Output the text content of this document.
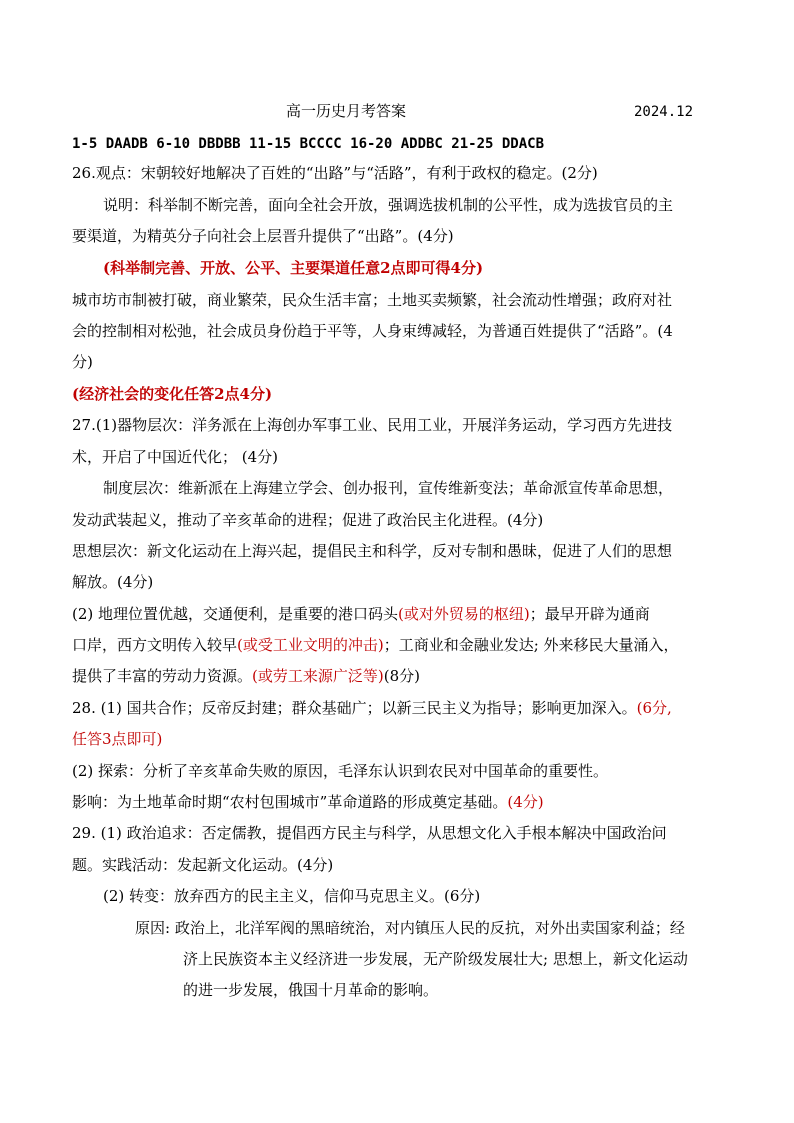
高一历史月考答案	2024.12
1-5 DAADB 6-10 DBDBB 11-15 BCCCC 16-20 ADDBC 21-25 DDACB
26.观点：宋朝较好地解决了百姓的“出路”与“活路”，有利于政权的稳定。(2分)
说明：科举制不断完善，面向全社会开放，强调选拔机制的公平性，成为选拔官员的主
要渠道，为精英分子向社会上层晋升提供了“出路”。(4分)
(科举制完善、开放、公平、主要渠道任意2点即可得4分)
城市坊市制被打破，商业繁荣，民众生活丰富；土地买卖频繁，社会流动性增强；政府对社
会的控制相对松弛，社会成员身份趋于平等，人身束缚减轻，为普通百姓提供了“活路”。(4
分)
(经济社会的变化任答2点4分)
27.(1)器物层次：洋务派在上海创办军事工业、民用工业，开展洋务运动，学习西方先进技
术，开启了中国近代化； (4分)
制度层次：维新派在上海建立学会、创办报刊，宣传维新变法；革命派宣传革命思想，
发动武装起义，推动了辛亥革命的进程；促进了政治民主化进程。(4分)
思想层次：新文化运动在上海兴起，提倡民主和科学，反对专制和愚昧，促进了人们的思想
解放。(4分)
(2) 地理位置优越，交通便利，是重要的港口码头(或对外贸易的枢纽)；最早开辟为通商
口岸，西方文明传入较早(或受工业文明的冲击)；工商业和金融业发达; 外来移民大量涌入，
提供了丰富的劳动力资源。(或劳工来源广泛等)(8分)
28. (1) 国共合作；反帝反封建；群众基础广；以新三民主义为指导；影响更加深入。(6分,
任答3点即可)
(2) 探索：分析了辛亥革命失败的原因，毛泽东认识到农民对中国革命的重要性。
影响：为土地革命时期“农村包围城市”革命道路的形成奠定基础。(4分)
29. (1) 政治追求：否定儒教，提倡西方民主与科学，从思想文化入手根本解决中国政治问
题。实践活动：发起新文化运动。(4分)
(2) 转变：放弃西方的民主主义，信仰马克思主义。(6分)
原因: 政治上，北洋军阀的黑暗统治，对内镇压人民的反抗，对外出卖国家利益；经
济上民族资本主义经济进一步发展，无产阶级发展壮大; 思想上，新文化运动
的进一步发展，俄国十月革命的影响。
